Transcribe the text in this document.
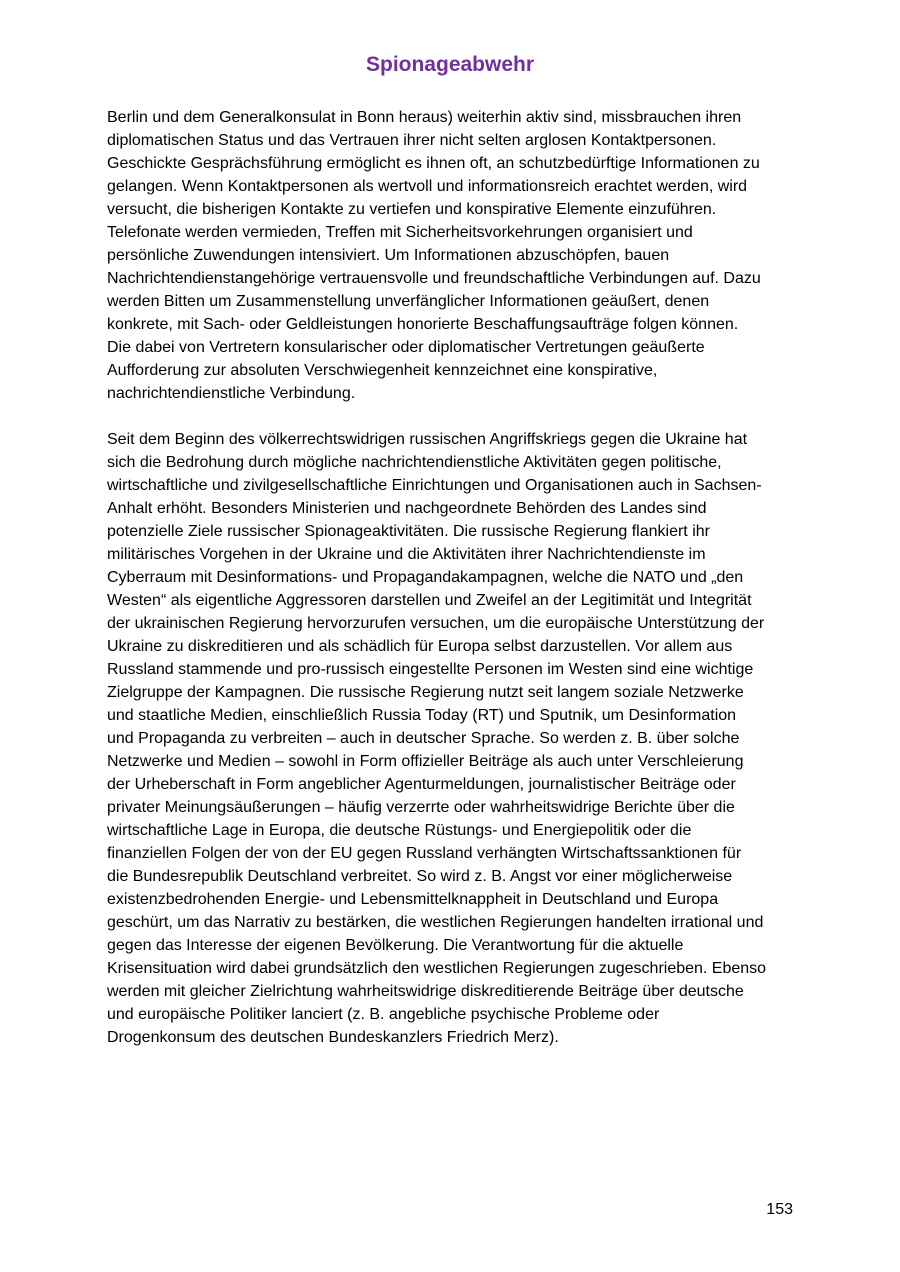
Spionageabwehr

Berlin und dem Generalkonsulat in Bonn heraus) weiterhin aktiv sind, missbrauchen ihren
diplomatischen Status und das Vertrauen ihrer nicht selten arglosen Kontaktpersonen.
Geschickte Gesprächsführung ermöglicht es ihnen oft, an schutzbedürftige Informationen zu
gelangen. Wenn Kontaktpersonen als wertvoll und informationsreich erachtet werden, wird
versucht, die bisherigen Kontakte zu vertiefen und konspirative Elemente einzuführen.
Telefonate werden vermieden, Treffen mit Sicherheitsvorkehrungen organisiert und
persönliche Zuwendungen intensiviert. Um Informationen abzuschöpfen, bauen
Nachrichtendienstangehörige vertrauensvolle und freundschaftliche Verbindungen auf. Dazu
werden Bitten um Zusammenstellung unverfänglicher Informationen geäußert, denen
konkrete, mit Sach- oder Geldleistungen honorierte Beschaffungsaufträge folgen können.
Die dabei von Vertretern konsularischer oder diplomatischer Vertretungen geäußerte
Aufforderung zur absoluten Verschwiegenheit kennzeichnet eine konspirative,
nachrichtendienstliche Verbindung.

Seit dem Beginn des völkerrechtswidrigen russischen Angriffskriegs gegen die Ukraine hat
sich die Bedrohung durch mögliche nachrichtendienstliche Aktivitäten gegen politische,
wirtschaftliche und zivilgesellschaftliche Einrichtungen und Organisationen auch in Sachsen-
Anhalt erhöht. Besonders Ministerien und nachgeordnete Behörden des Landes sind
potenzielle Ziele russischer Spionageaktivitäten. Die russische Regierung flankiert ihr
militärisches Vorgehen in der Ukraine und die Aktivitäten ihrer Nachrichtendienste im
Cyberraum mit Desinformations- und Propagandakampagnen, welche die NATO und „den
Westen“ als eigentliche Aggressoren darstellen und Zweifel an der Legitimität und Integrität
der ukrainischen Regierung hervorzurufen versuchen, um die europäische Unterstützung der
Ukraine zu diskreditieren und als schädlich für Europa selbst darzustellen. Vor allem aus
Russland stammende und pro-russisch eingestellte Personen im Westen sind eine wichtige
Zielgruppe der Kampagnen. Die russische Regierung nutzt seit langem soziale Netzwerke
und staatliche Medien, einschließlich Russia Today (RT) und Sputnik, um Desinformation
und Propaganda zu verbreiten – auch in deutscher Sprache. So werden z. B. über solche
Netzwerke und Medien – sowohl in Form offizieller Beiträge als auch unter Verschleierung
der Urheberschaft in Form angeblicher Agenturmeldungen, journalistischer Beiträge oder
privater Meinungsäußerungen – häufig verzerrte oder wahrheitswidrige Berichte über die
wirtschaftliche Lage in Europa, die deutsche Rüstungs- und Energiepolitik oder die
finanziellen Folgen der von der EU gegen Russland verhängten Wirtschaftssanktionen für
die Bundesrepublik Deutschland verbreitet. So wird z. B. Angst vor einer möglicherweise
existenzbedrohenden Energie- und Lebensmittelknappheit in Deutschland und Europa
geschürt, um das Narrativ zu bestärken, die westlichen Regierungen handelten irrational und
gegen das Interesse der eigenen Bevölkerung. Die Verantwortung für die aktuelle
Krisensituation wird dabei grundsätzlich den westlichen Regierungen zugeschrieben. Ebenso
werden mit gleicher Zielrichtung wahrheitswidrige diskreditierende Beiträge über deutsche
und europäische Politiker lanciert (z. B. angebliche psychische Probleme oder
Drogenkonsum des deutschen Bundeskanzlers Friedrich Merz).

153
